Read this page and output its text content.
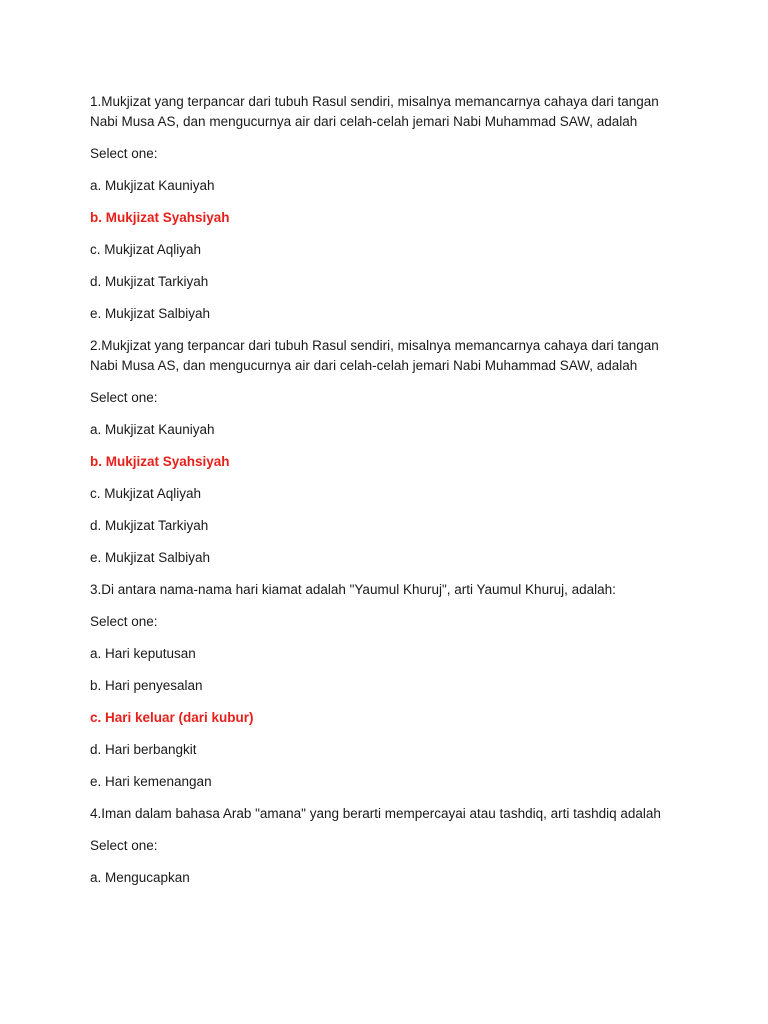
1.Mukjizat yang terpancar dari tubuh Rasul sendiri, misalnya memancarnya cahaya dari tangan Nabi Musa AS, dan mengucurnya air dari celah-celah jemari Nabi Muhammad SAW, adalah
Select one:
a. Mukjizat Kauniyah
b. Mukjizat Syahsiyah
c. Mukjizat Aqliyah
d. Mukjizat Tarkiyah
e. Mukjizat Salbiyah
2.Mukjizat yang terpancar dari tubuh Rasul sendiri, misalnya memancarnya cahaya dari tangan Nabi Musa AS, dan mengucurnya air dari celah-celah jemari Nabi Muhammad SAW, adalah
Select one:
a. Mukjizat Kauniyah
b. Mukjizat Syahsiyah
c. Mukjizat Aqliyah
d. Mukjizat Tarkiyah
e. Mukjizat Salbiyah
3.Di antara nama-nama hari kiamat adalah "Yaumul Khuruj", arti Yaumul Khuruj, adalah:
Select one:
a. Hari keputusan
b. Hari penyesalan
c. Hari keluar (dari kubur)
d. Hari berbangkit
e. Hari kemenangan
4.Iman dalam bahasa Arab "amana" yang berarti mempercayai atau tashdiq, arti tashdiq adalah
Select one:
a. Mengucapkan
